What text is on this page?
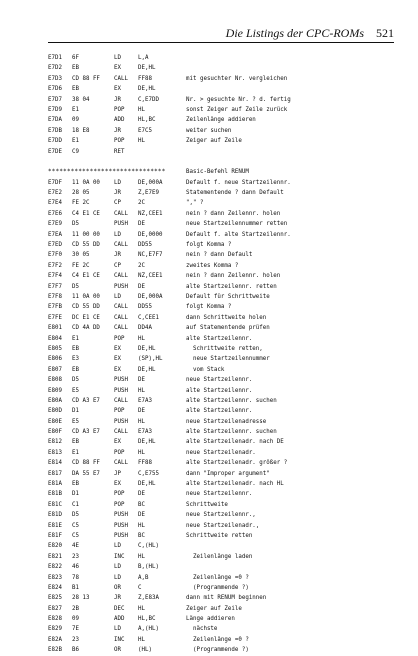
Die Listings der CPC-ROMs 521
E7D1 6F	LD	L,A
E7D2 EB	EX	DE,HL
E7D3 CD 88 FF CALL FF88	mit gesuchter Nr. vergleichen
E7D6 EB	EX	DE,HL
E7D7 38 04	JR	C,E7DD	Nr. > gesuchte Nr. ? d. fertig
E7D9 E1	POP HL	sonst Zeiger auf Zeile zurück
E7DA 09	ADD HL,BC	Zeilenlänge addieren
E7DB 18 E8	JR	E7C5	weiter suchen
E7DD E1	POP HL	Zeiger auf Zeile
E7DE C9	RET

*******************************

	Basic-Befehl RENUM

E7DF 11 0A 00 LD	DE,000A	Default f. neue Startzeilennr.
E7E2 28 05	JR	Z,E7E9	Statementende ? dann Default
E7E4 FE 2C	CP	2C	"," ?
E7E6 C4 E1 CE CALL NZ,CEE1	nein ? dann Zeilennr. holen
E7E9 D5	PUSH DE	neue Startzeilennummer retten
E7EA 11 00 00 LD	DE,0000	Default f. alte Startzeilennr.
E7ED CD 55 DD CALL DD55	folgt Komma ?
E7F0 30 05	JR	NC,E7F7	nein ? dann Default
E7F2 FE 2C	CP	2C	zweites Komma ?
E7F4 C4 E1 CE CALL NZ,CEE1	nein ? dann Zeilennr. holen
E7F7 D5	PUSH DE	alte Startzeilennr. retten
E7F8 11 0A 00 LD	DE,000A	Default für Schrittweite
E7FB CD 55 DD CALL DD55	folgt Komma ?
E7FE DC E1 CE CALL C,CEE1	dann Schrittweite holen
E801 CD 4A DD CALL DD4A	auf Statementende prüfen
E804 E1	POP HL	alte Startzeilennr.
E805 EB	EX	DE,HL	Schrittweite retten,
E806 E3	EX	(SP),HL	neue Startzeilennummer
E807 EB	EX	DE,HL	vom Stack
E808 D5	PUSH DE	neue Startzeilennr.
E809 E5	PUSH HL	alte Startzeilennr.
E80A CD A3 E7 CALL E7A3	alte Startzeilennr. suchen
E80D D1	POP DE	alte Startzeilennr.
E80E E5	PUSH HL	neue Startzeilenadresse
E80F CD A3 E7 CALL E7A3	alte Startzeilennr. suchen
E812 EB	EX	DE,HL	alte Startzeilenadr. nach DE
E813 E1	POP HL	neue Startzeilenadr.
E814 CD 88 FF CALL FF88	alte Startzeilenadr. größer ?
E817 DA 55 E7 JP	C,E755	dann "Improper argument"
E81A EB	EX	DE,HL	alte Startzeilenadr. nach HL
E81B D1	POP DE	neue Startzeilennr.
E81C C1	POP BC	Schrittweite
E81D D5	PUSH DE	neue Startzeilennr.,
E81E C5	PUSH HL	neue Startzeilenadr.,
E81F C5	PUSH BC	Schrittweite retten
E820 4E	LD	C,(HL)
E821 23	INC HL	Zeilenlänge laden
E822 46	LD	B,(HL)
E823 78	LD	A,B	Zeilenlänge =0 ?
E824 B1	OR	C	(Programmende ?)
E825 28 13	JR	Z,E83A	dann mit RENUM beginnen
E827 2B	DEC HL	Zeiger auf Zeile
E828 09	ADD HL,BC	Länge addieren
E829 7E	LD	A,(HL)	nächste
E82A 23	INC HL	Zeilenlänge =0 ?
E82B B6	OR	(HL)	(Programmende ?)
